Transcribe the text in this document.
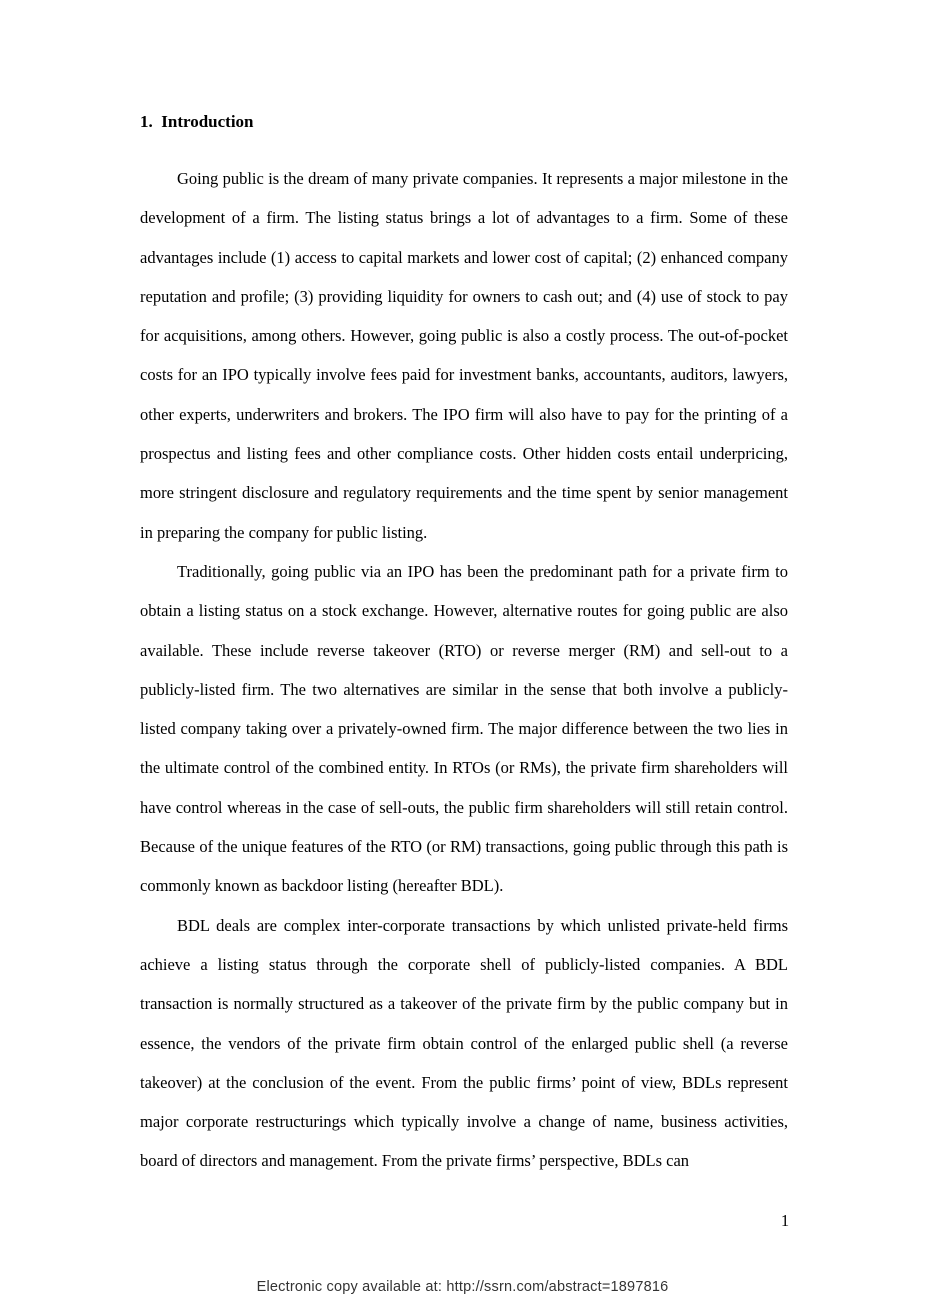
1.  Introduction

Going public is the dream of many private companies. It represents a major milestone in the development of a firm. The listing status brings a lot of advantages to a firm. Some of these advantages include (1) access to capital markets and lower cost of capital; (2) enhanced company reputation and profile; (3) providing liquidity for owners to cash out; and (4) use of stock to pay for acquisitions, among others. However, going public is also a costly process. The out-of-pocket costs for an IPO typically involve fees paid for investment banks, accountants, auditors, lawyers, other experts, underwriters and brokers. The IPO firm will also have to pay for the printing of a prospectus and listing fees and other compliance costs. Other hidden costs entail underpricing, more stringent disclosure and regulatory requirements and the time spent by senior management in preparing the company for public listing.

Traditionally, going public via an IPO has been the predominant path for a private firm to obtain a listing status on a stock exchange. However, alternative routes for going public are also available. These include reverse takeover (RTO) or reverse merger (RM) and sell-out to a publicly-listed firm. The two alternatives are similar in the sense that both involve a publicly-listed company taking over a privately-owned firm. The major difference between the two lies in the ultimate control of the combined entity. In RTOs (or RMs), the private firm shareholders will have control whereas in the case of sell-outs, the public firm shareholders will still retain control. Because of the unique features of the RTO (or RM) transactions, going public through this path is commonly known as backdoor listing (hereafter BDL).

BDL deals are complex inter-corporate transactions by which unlisted private-held firms achieve a listing status through the corporate shell of publicly-listed companies. A BDL transaction is normally structured as a takeover of the private firm by the public company but in essence, the vendors of the private firm obtain control of the enlarged public shell (a reverse takeover) at the conclusion of the event. From the public firms’ point of view, BDLs represent major corporate restructurings which typically involve a change of name, business activities, board of directors and management. From the private firms’ perspective, BDLs can

1
Electronic copy available at: http://ssrn.com/abstract=1897816
